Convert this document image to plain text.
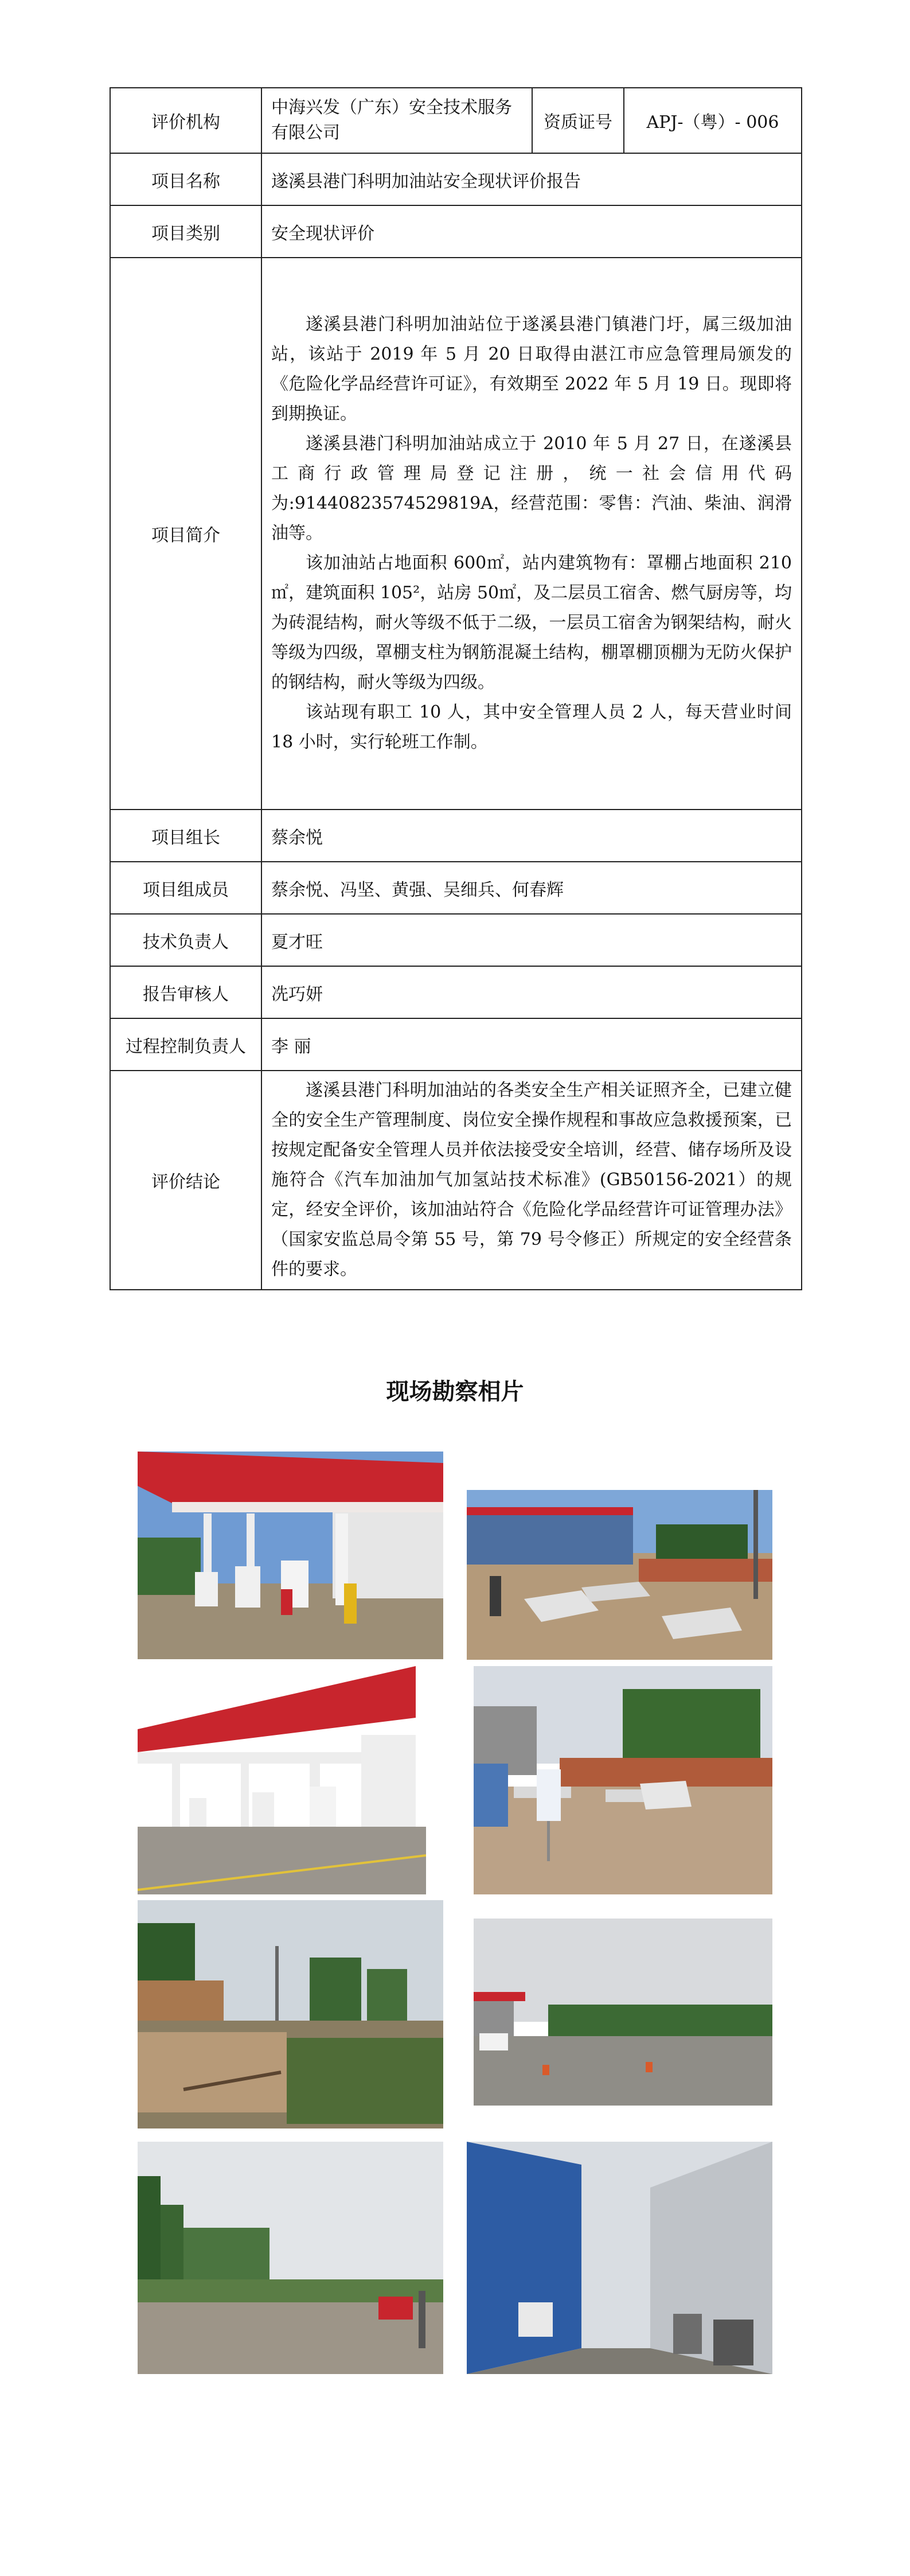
评价机构	中海兴发（广东）安全技术服务有限公司	资质证号	APJ-（粤）- 006
项目名称	遂溪县港门科明加油站安全现状评价报告		
项目类别	安全现状评价		
项目简介	遂溪县港门科明加油站位于遂溪县港门镇港门圩，属三级加油站，该站于 2019 年 5 月 20 日取得由湛江市应急管理局颁发的《危险化学品经营许可证》，有效期至 2022 年 5 月 19 日。现即将到期换证。

遂溪县港门科明加油站成立于 2010 年 5 月 27 日，在遂溪县工商行政管理局登记注册，统一社会信用代码为:91440823574529819A，经营范围：零售：汽油、柴油、润滑油等。

该加油站占地面积 600㎡，站内建筑物有：罩棚占地面积 210㎡，建筑面积 105²，站房 50㎡，及二层员工宿舍、燃气厨房等，均为砖混结构，耐火等级不低于二级，一层员工宿舍为钢架结构，耐火等级为四级，罩棚支柱为钢筋混凝土结构，棚罩棚顶棚为无防火保护的钢结构，耐火等级为四级。

该站现有职工 10 人，其中安全管理人员 2 人，每天营业时间 18 小时，实行轮班工作制。		

项目组长	蔡余悦		
项目组成员	蔡余悦、冯坚、黄强、吴细兵、何春辉		
技术负责人	夏才旺		
报告审核人	冼巧妍		
过程控制负责人	李 丽		
评价结论	遂溪县港门科明加油站的各类安全生产相关证照齐全，已建立健全的安全生产管理制度、岗位安全操作规程和事故应急救援预案，已按规定配备安全管理人员并依法接受安全培训，经营、储存场所及设施符合《汽车加油加气加氢站技术标准》(GB50156-2021）的规定，经安全评价，该加油站符合《危险化学品经营许可证管理办法》（国家安监总局令第 55 号，第 79 号令修正）所规定的安全经营条件的要求。		

现场勘察相片
